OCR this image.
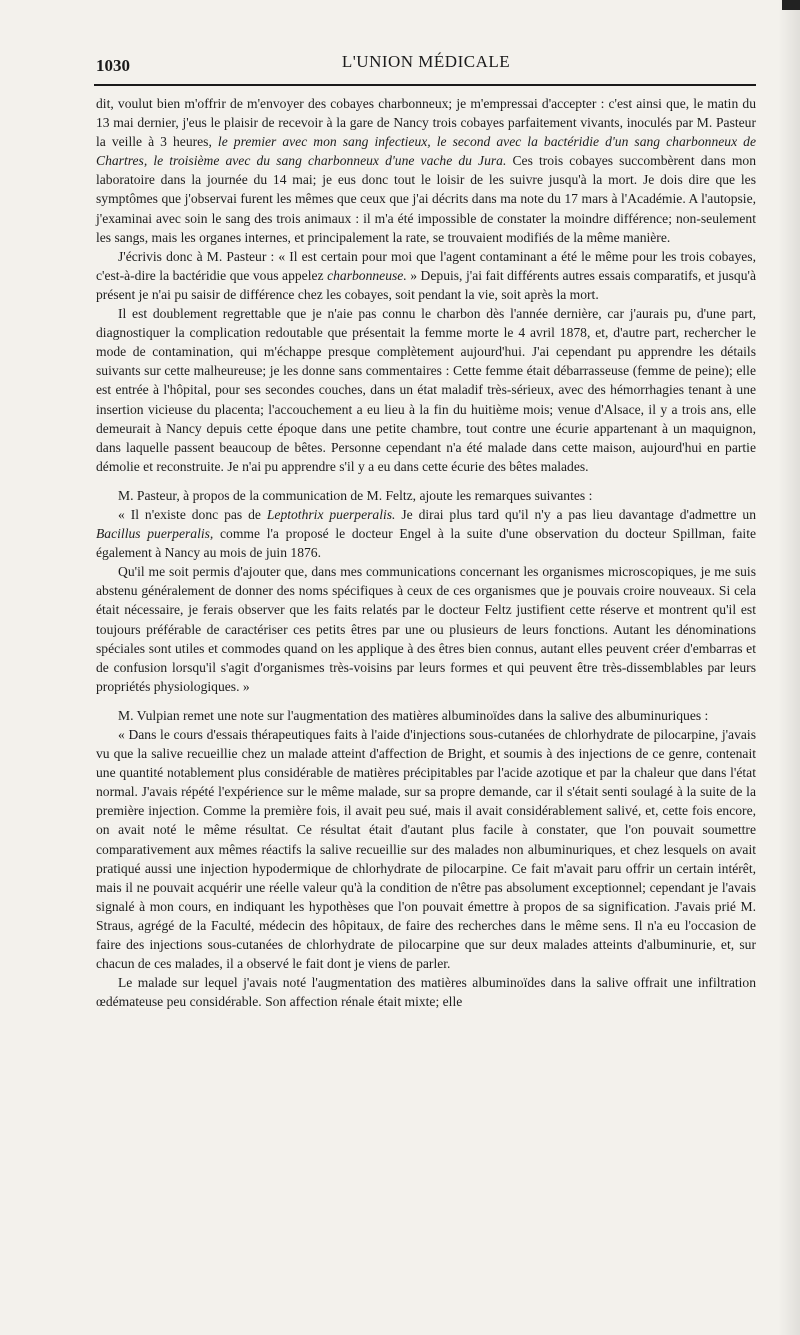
1030	L'UNION MÉDICALE

dit, voulut bien m'offrir de m'envoyer des cobayes charbonneux; je m'empressai d'accepter : c'est ainsi que, le matin du 13 mai dernier, j'eus le plaisir de recevoir à la gare de Nancy trois cobayes parfaitement vivants, inoculés par M. Pasteur la veille à 3 heures, le premier avec mon sang infectieux, le second avec la bactéridie d'un sang charbonneux de Chartres, le troisième avec du sang charbonneux d'une vache du Jura. Ces trois cobayes succombèrent dans mon laboratoire dans la journée du 14 mai; je eus donc tout le loisir de les suivre jusqu'à la mort. Je dois dire que les symptômes que j'observai furent les mêmes que ceux que j'ai décrits dans ma note du 17 mars à l'Académie. A l'autopsie, j'examinai avec soin le sang des trois animaux : il m'a été impossible de constater la moindre différence; non-seulement les sangs, mais les organes internes, et principalement la rate, se trouvaient modifiés de la même manière.

J'écrivis donc à M. Pasteur : « Il est certain pour moi que l'agent contaminant a été le même pour les trois cobayes, c'est-à-dire la bactéridie que vous appelez charbonneuse. » Depuis, j'ai fait différents autres essais comparatifs, et jusqu'à présent je n'ai pu saisir de différence chez les cobayes, soit pendant la vie, soit après la mort.

Il est doublement regrettable que je n'aie pas connu le charbon dès l'année dernière, car j'aurais pu, d'une part, diagnostiquer la complication redoutable que présentait la femme morte le 4 avril 1878, et, d'autre part, rechercher le mode de contamination, qui m'échappe presque complètement aujourd'hui. J'ai cependant pu apprendre les détails suivants sur cette malheureuse; je les donne sans commentaires : Cette femme était débarrasseuse (femme de peine); elle est entrée à l'hôpital, pour ses secondes couches, dans un état maladif très-sérieux, avec des hémorrhagies tenant à une insertion vicieuse du placenta; l'accouchement a eu lieu à la fin du huitième mois; venue d'Alsace, il y a trois ans, elle demeurait à Nancy depuis cette époque dans une petite chambre, tout contre une écurie appartenant à un maquignon, dans laquelle passent beaucoup de bêtes. Personne cependant n'a été malade dans cette maison, aujourd'hui en partie démolie et reconstruite. Je n'ai pu apprendre s'il y a eu dans cette écurie des bêtes malades.

M. Pasteur, à propos de la communication de M. Feltz, ajoute les remarques suivantes :

« Il n'existe donc pas de Leptothrix puerperalis. Je dirai plus tard qu'il n'y a pas lieu davantage d'admettre un Bacillus puerperalis, comme l'a proposé le docteur Engel à la suite d'une observation du docteur Spillman, faite également à Nancy au mois de juin 1876.

Qu'il me soit permis d'ajouter que, dans mes communications concernant les organismes microscopiques, je me suis abstenu généralement de donner des noms spécifiques à ceux de ces organismes que je pouvais croire nouveaux. Si cela était nécessaire, je ferais observer que les faits relatés par le docteur Feltz justifient cette réserve et montrent qu'il est toujours préférable de caractériser ces petits êtres par une ou plusieurs de leurs fonctions. Autant les dénominations spéciales sont utiles et commodes quand on les applique à des êtres bien connus, autant elles peuvent créer d'embarras et de confusion lorsqu'il s'agit d'organismes très-voisins par leurs formes et qui peuvent être très-dissemblables par leurs propriétés physiologiques. »

M. Vulpian remet une note sur l'augmentation des matières albuminoïdes dans la salive des albuminuriques :

« Dans le cours d'essais thérapeutiques faits à l'aide d'injections sous-cutanées de chlorhydrate de pilocarpine, j'avais vu que la salive recueillie chez un malade atteint d'affection de Bright, et soumis à des injections de ce genre, contenait une quantité notablement plus considérable de matières précipitables par l'acide azotique et par la chaleur que dans l'état normal. J'avais répété l'expérience sur le même malade, sur sa propre demande, car il s'était senti soulagé à la suite de la première injection. Comme la première fois, il avait peu sué, mais il avait considérablement salivé, et, cette fois encore, on avait noté le même résultat. Ce résultat était d'autant plus facile à constater, que l'on pouvait soumettre comparativement aux mêmes réactifs la salive recueillie sur des malades non albuminuriques, et chez lesquels on avait pratiqué aussi une injection hypodermique de chlorhydrate de pilocarpine. Ce fait m'avait paru offrir un certain intérêt, mais il ne pouvait acquérir une réelle valeur qu'à la condition de n'être pas absolument exceptionnel; cependant je l'avais signalé à mon cours, en indiquant les hypothèses que l'on pouvait émettre à propos de sa signification. J'avais prié M. Straus, agrégé de la Faculté, médecin des hôpitaux, de faire des recherches dans le même sens. Il n'a eu l'occasion de faire des injections sous-cutanées de chlorhydrate de pilocarpine que sur deux malades atteints d'albuminurie, et, sur chacun de ces malades, il a observé le fait dont je viens de parler.

Le malade sur lequel j'avais noté l'augmentation des matières albuminoïdes dans la salive offrait une infiltration œdémateuse peu considérable. Son affection rénale était mixte; elle
